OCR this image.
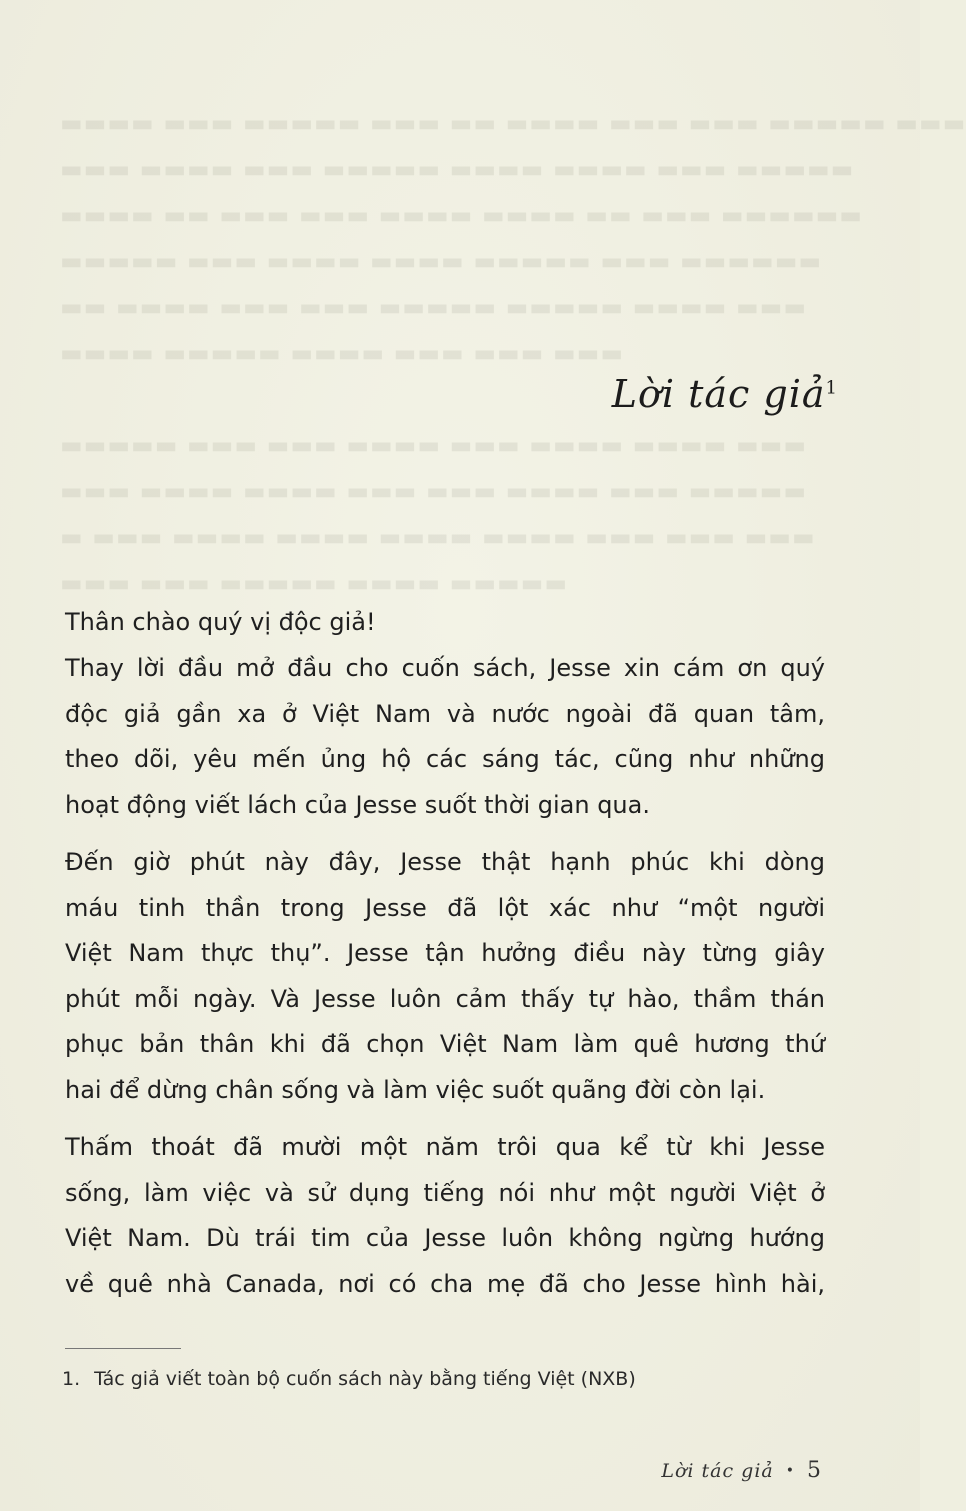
▬▬▬▬ ▬▬▬ ▬▬▬▬▬ ▬▬▬ ▬▬ ▬▬▬▬ ▬▬▬ ▬▬▬ ▬▬▬▬▬ ▬▬▬
▬▬▬ ▬▬▬▬ ▬▬▬ ▬▬▬▬▬ ▬▬▬▬ ▬▬▬▬ ▬▬▬ ▬▬▬▬▬
▬▬▬▬ ▬▬ ▬▬▬ ▬▬▬ ▬▬▬▬ ▬▬▬▬ ▬▬ ▬▬▬ ▬▬▬▬▬▬
▬▬▬▬▬ ▬▬▬ ▬▬▬▬ ▬▬▬▬ ▬▬▬▬▬ ▬▬▬ ▬▬▬▬▬▬
▬▬ ▬▬▬▬ ▬▬▬ ▬▬▬ ▬▬▬▬▬ ▬▬▬▬▬ ▬▬▬▬ ▬▬▬
▬▬▬▬ ▬▬▬▬▬ ▬▬▬▬ ▬▬▬ ▬▬▬ ▬▬▬
▬▬▬▬▬ ▬▬▬ ▬▬▬ ▬▬▬▬ ▬▬▬ ▬▬▬▬ ▬▬▬▬ ▬▬▬
▬▬▬ ▬▬▬▬ ▬▬▬▬ ▬▬▬ ▬▬▬ ▬▬▬▬ ▬▬▬ ▬▬▬▬▬
▬ ▬▬▬ ▬▬▬▬ ▬▬▬▬ ▬▬▬▬ ▬▬▬▬ ▬▬▬ ▬▬▬ ▬▬▬
▬▬▬ ▬▬▬ ▬▬▬▬▬ ▬▬▬▬ ▬▬▬▬▬
Lời tác giả$^1$

Thân chào quý vị độc giả!

Thay lời đầu mở đầu cho cuốn sách, Jesse xin cám ơn quý
độc giả gần xa ở Việt Nam và nước ngoài đã quan tâm,
theo dõi, yêu mến ủng hộ các sáng tác, cũng như những
hoạt động viết lách của Jesse suốt thời gian qua.

Đến giờ phút này đây, Jesse thật hạnh phúc khi dòng
máu tinh thần trong Jesse đã lột xác như “một người
Việt Nam thực thụ”. Jesse tận hưởng điều này từng giây
phút mỗi ngày. Và Jesse luôn cảm thấy tự hào, thầm thán
phục bản thân khi đã chọn Việt Nam làm quê hương thứ
hai để dừng chân sống và làm việc suốt quãng đời còn lại.

Thấm thoát đã mười một năm trôi qua kể từ khi Jesse
sống, làm việc và sử dụng tiếng nói như một người Việt ở
Việt Nam. Dù trái tim của Jesse luôn không ngừng hướng
về quê nhà Canada, nơi có cha mẹ đã cho Jesse hình hài,

1. Tác giả viết toàn bộ cuốn sách này bằng tiếng Việt (NXB)
Lời tác giả • 5
